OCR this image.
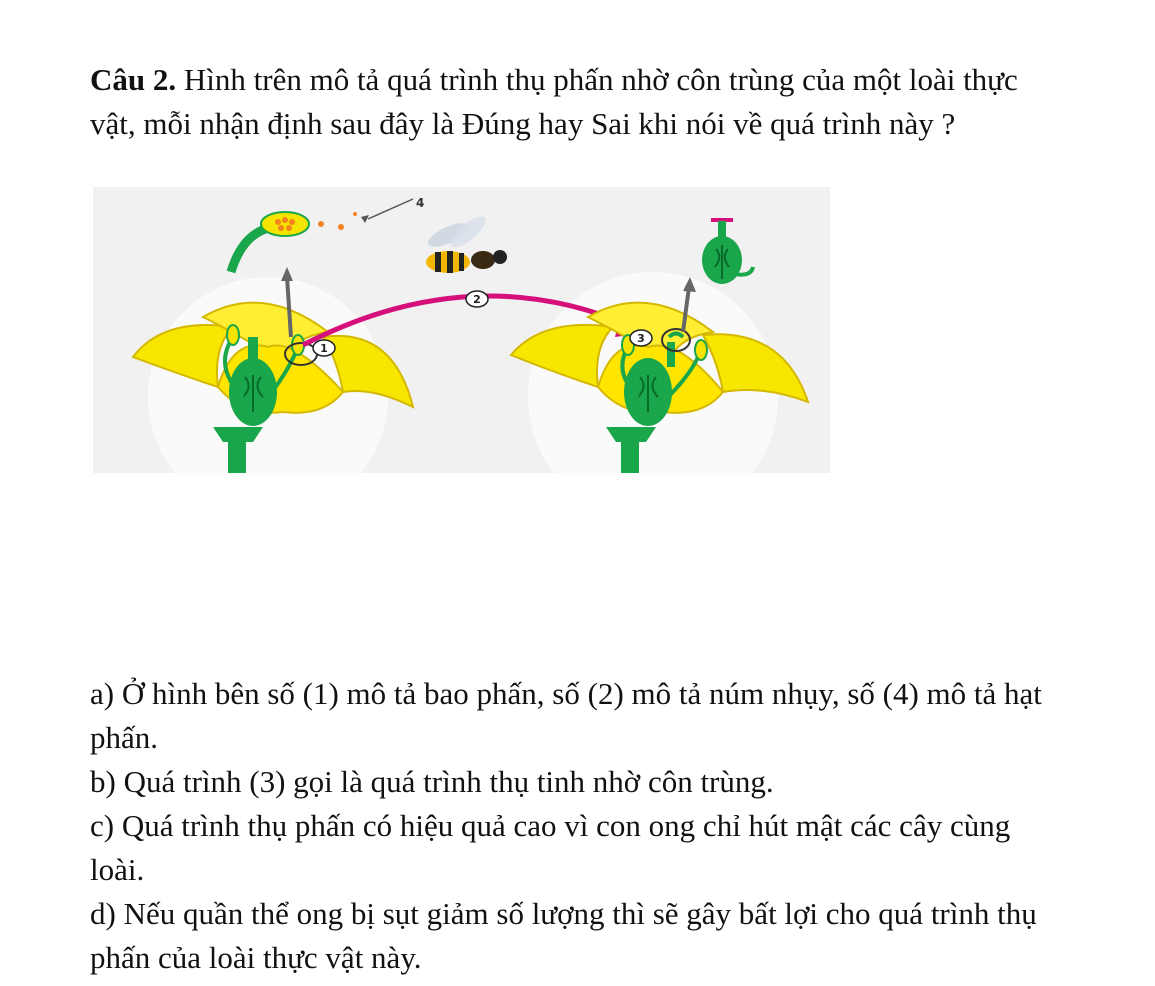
Câu 2. Hình trên mô tả quá trình thụ phấn nhờ côn trùng của một loài thực vật, mỗi nhận định sau đây là Đúng hay Sai khi nói về quá trình này ?
4
1
2
3

a) Ở hình bên số (1) mô tả bao phấn, số (2) mô tả núm nhụy, số (4) mô tả hạt phấn.

b) Quá trình (3) gọi là quá trình thụ tinh nhờ côn trùng.

c) Quá trình thụ phấn có hiệu quả cao vì con ong chỉ hút mật các cây cùng loài.

d) Nếu quần thể ong bị sụt giảm số lượng thì sẽ gây bất lợi cho quá trình thụ phấn của loài thực vật này.
